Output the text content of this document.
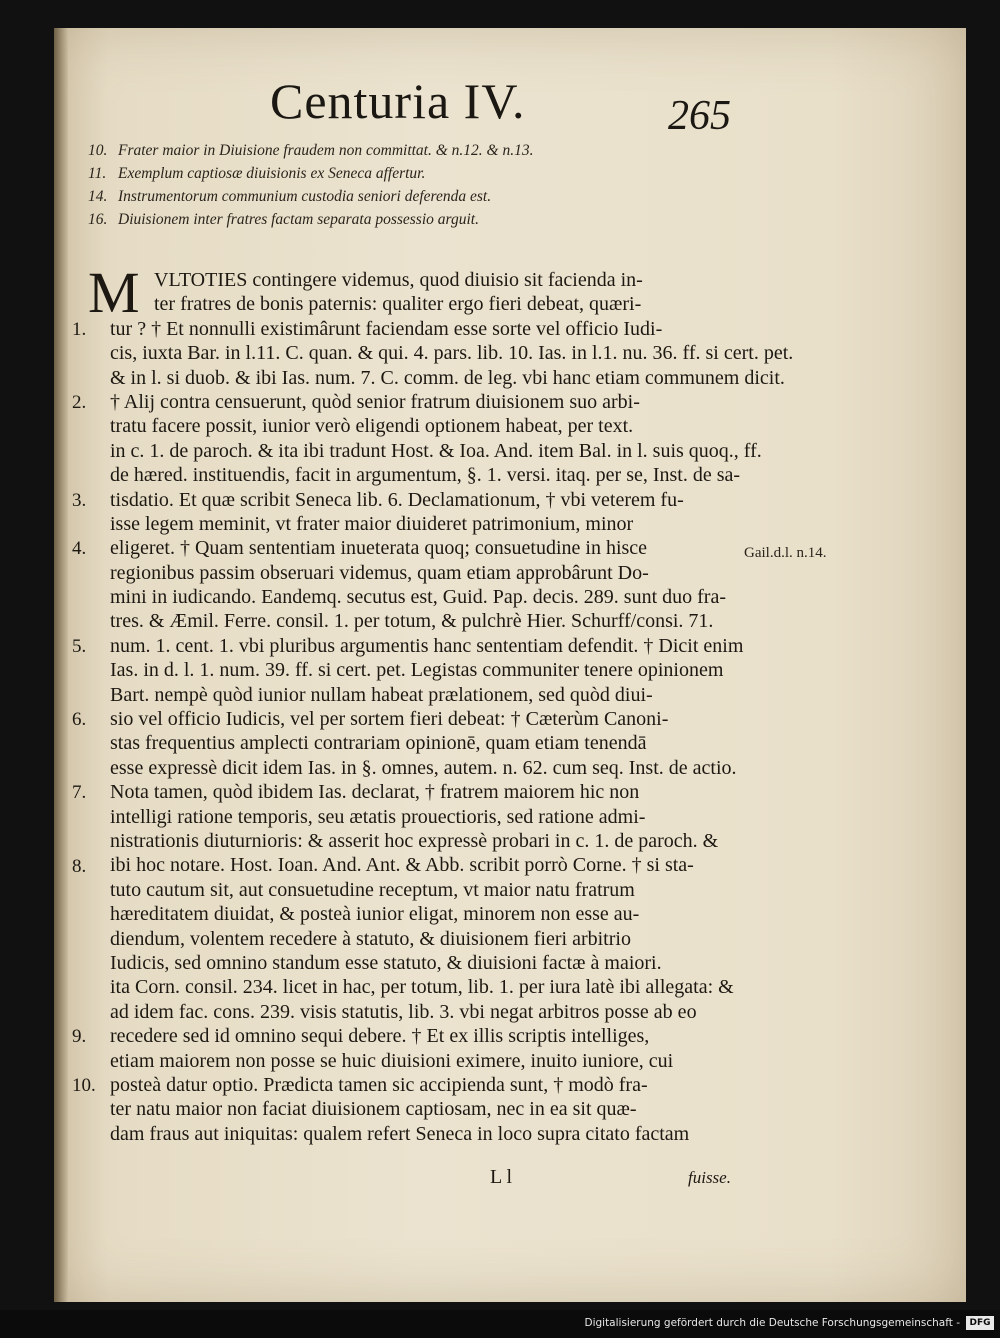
Centuria IV.	265
10. Frater maior in Diuisione fraudem non committat. & n.12. & n.13.
11. Exemplum captiosæ diuisionis ex Seneca affertur.
14. Instrumentorum communium custodia seniori deferenda est.
16. Diuisionem inter fratres factam separata possessio arguit.
M VLTOTIES contingere videmus, quod diuisio sit facienda in-
ter fratres de bonis paternis: qualiter ergo fieri debeat, quæri-
tur ? † Et nonnulli existimârunt faciendam esse sorte vel officio Iudi-
cis, iuxta Bar. in l.11. C. quan. & qui. 4. pars. lib. 10. Ias. in l.1. nu. 36. ff. si cert. pet.
& in l. si duob. & ibi Ias. num. 7. C. comm. de leg. vbi hanc etiam communem dicit.
† Alij contra censuerunt, quòd senior fratrum diuisionem suo arbi-
tratu facere possit, iunior verò eligendi optionem habeat, per text.
in c. 1. de paroch. & ita ibi tradunt Host. & Ioa. And. item Bal. in l. suis quoq., ff.
de hæred. instituendis, facit in argumentum, §. 1. versi. itaq. per se, Inst. de sa-
tisdatio. Et quæ scribit Seneca lib. 6. Declamationum, † vbi veterem fu-
isse legem meminit, vt frater maior diuideret patrimonium, minor
eligeret. † Quam sententiam inueterata quoq; consuetudine in hisce
regionibus passim obseruari videmus, quam etiam approbârunt Do-
mini in iudicando. Eandemq. secutus est, Guid. Pap. decis. 289. sunt duo fra-
tres. & Æmil. Ferre. consil. 1. per totum, & pulchrè Hier. Schurff/consi. 71.
num. 1. cent. 1. vbi pluribus argumentis hanc sententiam defendit. † Dicit enim
Ias. in d. l. 1. num. 39. ff. si cert. pet. Legistas communiter tenere opinionem
Bart. nempè quòd iunior nullam habeat prælationem, sed quòd diui-
sio vel officio Iudicis, vel per sortem fieri debeat: † Cæterùm Canoni-
stas frequentius amplecti contrariam opinionē, quam etiam tenendā
esse expressè dicit idem Ias. in §. omnes, autem. n. 62. cum seq. Inst. de actio.
Nota tamen, quòd ibidem Ias. declarat, † fratrem maiorem hic non
intelligi ratione temporis, seu ætatis prouectioris, sed ratione admi-
nistrationis diuturnioris: & asserit hoc expressè probari in c. 1. de paroch. &
ibi hoc notare. Host. Ioan. And. Ant. & Abb. scribit porrò Corne. † si sta-
tuto cautum sit, aut consuetudine receptum, vt maior natu fratrum
hæreditatem diuidat, & posteà iunior eligat, minorem non esse au-
diendum, volentem recedere à statuto, & diuisionem fieri arbitrio
Iudicis, sed omnino standum esse statuto, & diuisioni factæ à maiori.
ita Corn. consil. 234. licet in hac, per totum, lib. 1. per iura latè ibi allegata: &
ad idem fac. cons. 239. visis statutis, lib. 3. vbi negat arbitros posse ab eo
recedere sed id omnino sequi debere. † Et ex illis scriptis intelliges,
etiam maiorem non posse se huic diuisioni eximere, inuito iuniore, cui
posteà datur optio. Prædicta tamen sic accipienda sunt, † modò fra-
ter natu maior non faciat diuisionem captiosam, nec in ea sit quæ-
dam fraus aut iniquitas: qualem refert Seneca in loco supra citato factam
1.
2.
3.
4.
5.
6.
7.
8.
9.
10.
Gail.d.l. n.14.
L l	fuisse.
Digitalisierung gefördert durch die Deutsche Forschungsgemeinschaft -	DFG
